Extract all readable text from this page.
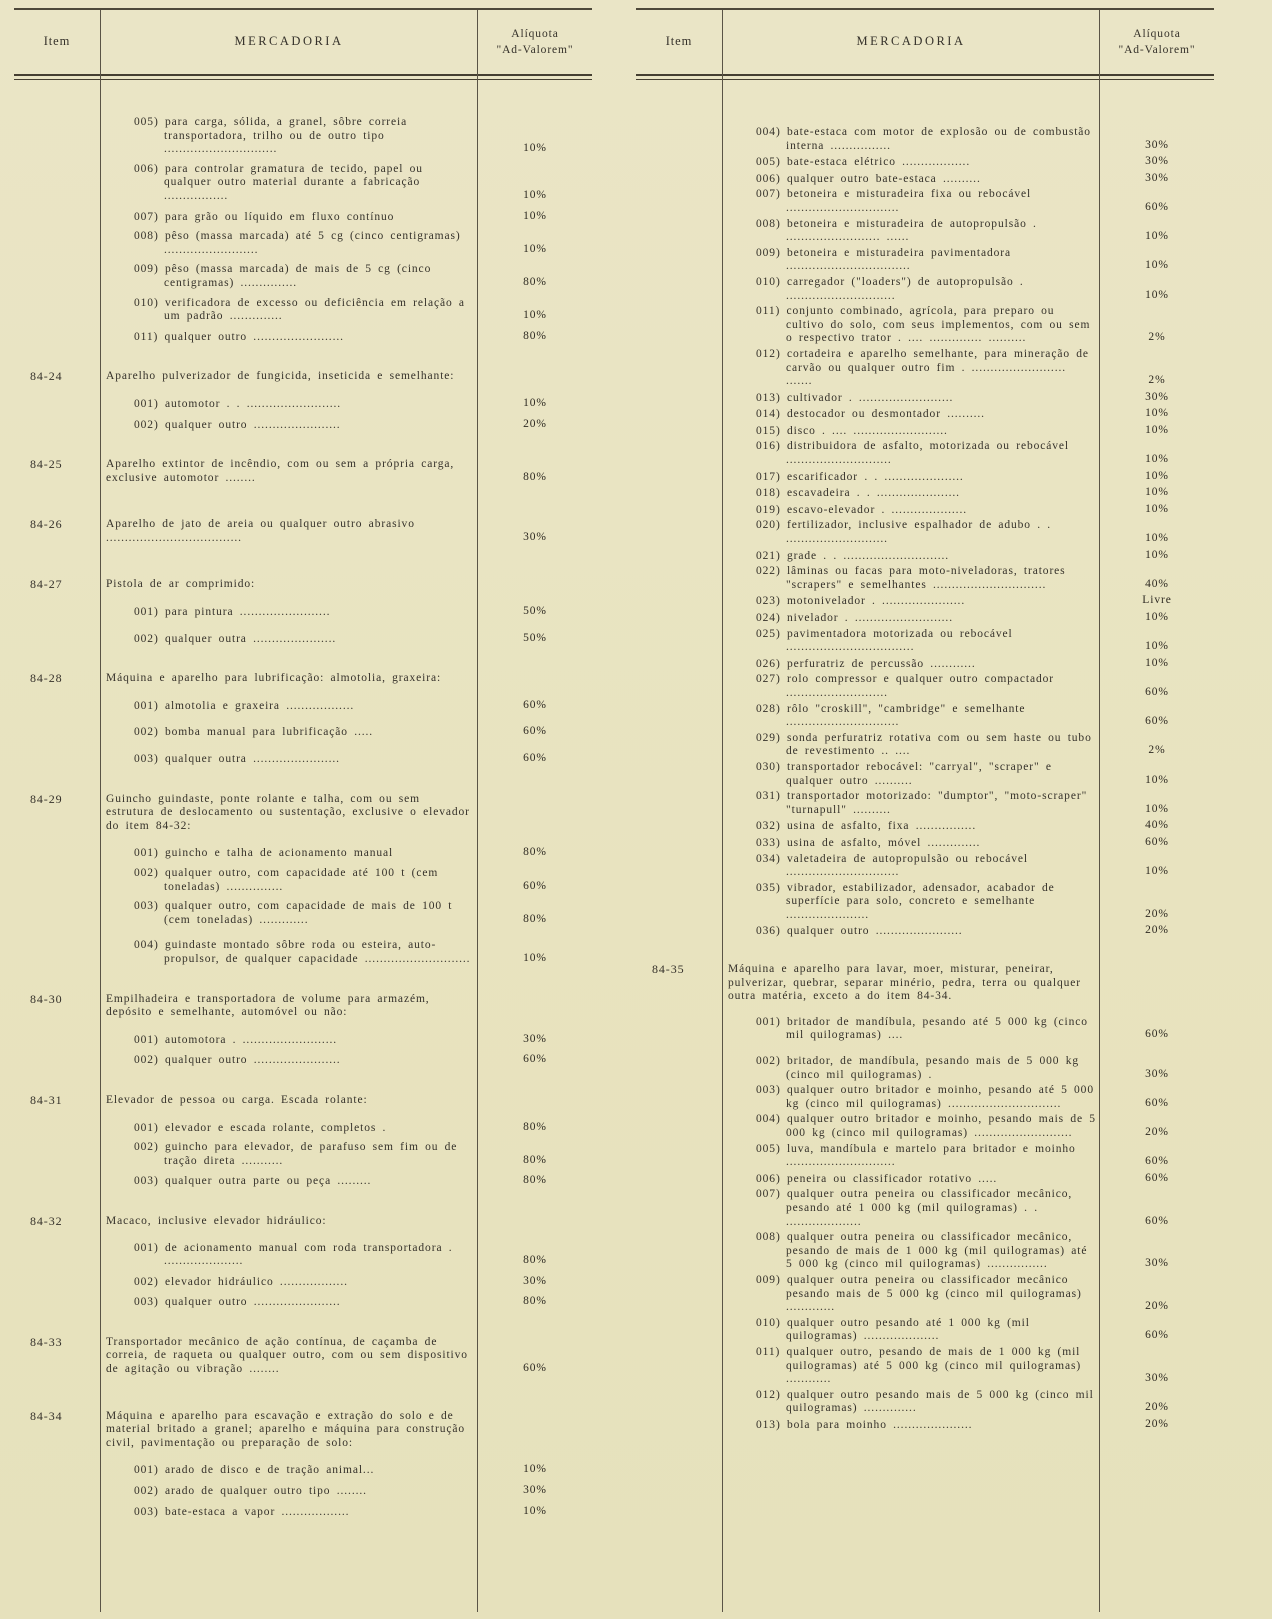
Item	MERCADORIA
Alíquota
"Ad-Valorem"

005) para carga, sólida, a granel, sôbre correia transportadora, trilho ou de outro tipo ..............................	10%

006) para controlar gramatura de tecido, papel ou qualquer outro material durante a fabricação .................	10%

007) para grão ou líquido em fluxo contínuo	10%

008) pêso (massa marcada) até 5 cg (cinco centigramas) .........................	10%

009) pêso (massa marcada) de mais de 5 cg (cinco centigramas) ...............	80%

010) verificadora de excesso ou deficiência em relação a um padrão ..............	10%

011) qualquer outro ........................	80%
84-24	Aparelho pulverizador de fungicida, inseticida e semelhante:

001) automotor . . .........................	10%

002) qualquer outro .......................	20%
84-25	Aparelho extintor de incêndio, com ou sem a própria carga, exclusive automotor ........	80%
84-26	Aparelho de jato de areia ou qualquer outro abrasivo ....................................	30%
84-27	Pistola de ar comprimido:

001) para pintura ........................	50%

002) qualquer outra ......................	50%
84-28	Máquina e aparelho para lubrificação: almotolia, graxeira:

001) almotolia e graxeira ..................	60%

002) bomba manual para lubrificação .....	60%

003) qualquer outra .......................	60%
84-29	Guincho guindaste, ponte rolante e talha, com ou sem estrutura de deslocamento ou sustentação, exclusive o elevador do item 84-32:

001) guincho e talha de acionamento manual	80%

002) qualquer outro, com capacidade até 100 t (cem toneladas) ...............	60%

003) qualquer outro, com capacidade de mais de 100 t (cem toneladas) .............	80%

004) guindaste montado sôbre roda ou esteira, auto-propulsor, de qualquer capacidade ............................	10%
84-30	Empilhadeira e transportadora de volume para armazém, depósito e semelhante, automóvel ou não:

001) automotora . .........................	30%

002) qualquer outro .......................	60%
84-31	Elevador de pessoa ou carga. Escada rolante:

001) elevador e escada rolante, completos .	80%

002) guincho para elevador, de parafuso sem fim ou de tração direta ...........	80%

003) qualquer outra parte ou peça .........	80%
84-32	Macaco, inclusive elevador hidráulico:

001) de acionamento manual com roda transportadora . .....................	80%

002) elevador hidráulico ..................	30%

003) qualquer outro .......................	80%
84-33	Transportador mecânico de ação contínua, de caçamba de correia, de raqueta ou qualquer outro, com ou sem dispositivo de agitação ou vibração ........	60%
84-34	Máquina e aparelho para escavação e extração do solo e de material britado a granel; aparelho e máquina para construção civil, pavimentação ou preparação de solo:

001) arado de disco e de tração animal...	10%

002) arado de qualquer outro tipo ........	30%

003) bate-estaca a vapor ..................	10%
Item	MERCADORIA
Alíquota
"Ad-Valorem"

004) bate-estaca com motor de explosão ou de combustão interna ................	30%

005) bate-estaca elétrico ..................	30%

006) qualquer outro bate-estaca ..........	30%

007) betoneira e misturadeira fixa ou rebocável ..............................	60%

008) betoneira e misturadeira de autopropulsão . ......................... ......	10%

009) betoneira e misturadeira pavimentadora .................................	10%

010) carregador ("loaders") de autopropulsão . .............................	10%

011) conjunto combinado, agrícola, para preparo ou cultivo do solo, com seus implementos, com ou sem o respectivo trator . .... .............. ..........	2%

012) cortadeira e aparelho semelhante, para mineração de carvão ou qualquer outro fim . ......................... .......	2%

013) cultivador . .........................	30%

014) destocador ou desmontador ..........	10%

015) disco . .... .........................	10%

016) distribuidora de asfalto, motorizada ou rebocável ............................	10%

017) escarificador . . .....................	10%

018) escavadeira . . ......................	10%

019) escavo-elevador . ....................	10%

020) fertilizador, inclusive espalhador de adubo . . ...........................	10%

021) grade . . ............................	10%

022) lâminas ou facas para moto-niveladoras, tratores "scrapers" e semelhantes ..............................	40%

023) motonivelador . ......................	Livre

024) nivelador . ..........................	10%

025) pavimentadora motorizada ou rebocável ..................................	10%

026) perfuratriz de percussão ............	10%

027) rolo compressor e qualquer outro compactador ...........................	60%

028) rôlo "croskill", "cambridge" e semelhante ..............................	60%

029) sonda perfuratriz rotativa com ou sem haste ou tubo de revestimento .. ....	2%

030) transportador rebocável: "carryal", "scraper" e qualquer outro ..........	10%

031) transportador motorizado: "dumptor", "moto-scraper" "turnapull" ..........	10%

032) usina de asfalto, fixa ................	40%

033) usina de asfalto, móvel ..............	60%

034) valetadeira de autopropulsão ou rebocável ..............................	10%

035) vibrador, estabilizador, adensador, acabador de superfície para solo, concreto e semelhante ......................	20%

036) qualquer outro .......................	20%
84-35	Máquina e aparelho para lavar, moer, misturar, peneirar, pulverizar, quebrar, separar minério, pedra, terra ou qualquer outra matéria, exceto a do item 84-34.

001) britador de mandíbula, pesando até 5 000 kg (cinco mil quilogramas) ....	60%

002) britador, de mandíbula, pesando mais de 5 000 kg (cinco mil quilogramas) .	30%

003) qualquer outro britador e moinho, pesando até 5 000 kg (cinco mil quilogramas) ..............................	60%

004) qualquer outro britador e moinho, pesando mais de 5 000 kg (cinco mil quilogramas) ..........................	20%

005) luva, mandíbula e martelo para britador e moinho .............................	60%

006) peneira ou classificador rotativo .....	60%

007) qualquer outra peneira ou classificador mecânico, pesando até 1 000 kg (mil quilogramas) . . ....................	60%

008) qualquer outra peneira ou classificador mecânico, pesando de mais de 1 000 kg (mil quilogramas) até 5 000 kg (cinco mil quilogramas) ................	30%

009) qualquer outra peneira ou classificador mecânico pesando mais de 5 000 kg (cinco mil quilogramas) .............	20%

010) qualquer outro pesando até 1 000 kg (mil quilogramas) ....................	60%

011) qualquer outro, pesando de mais de 1 000 kg (mil quilogramas) até 5 000 kg (cinco mil quilogramas) ............	30%

012) qualquer outro pesando mais de 5 000 kg (cinco mil quilogramas) ..............	20%

013) bola para moinho .....................	20%
